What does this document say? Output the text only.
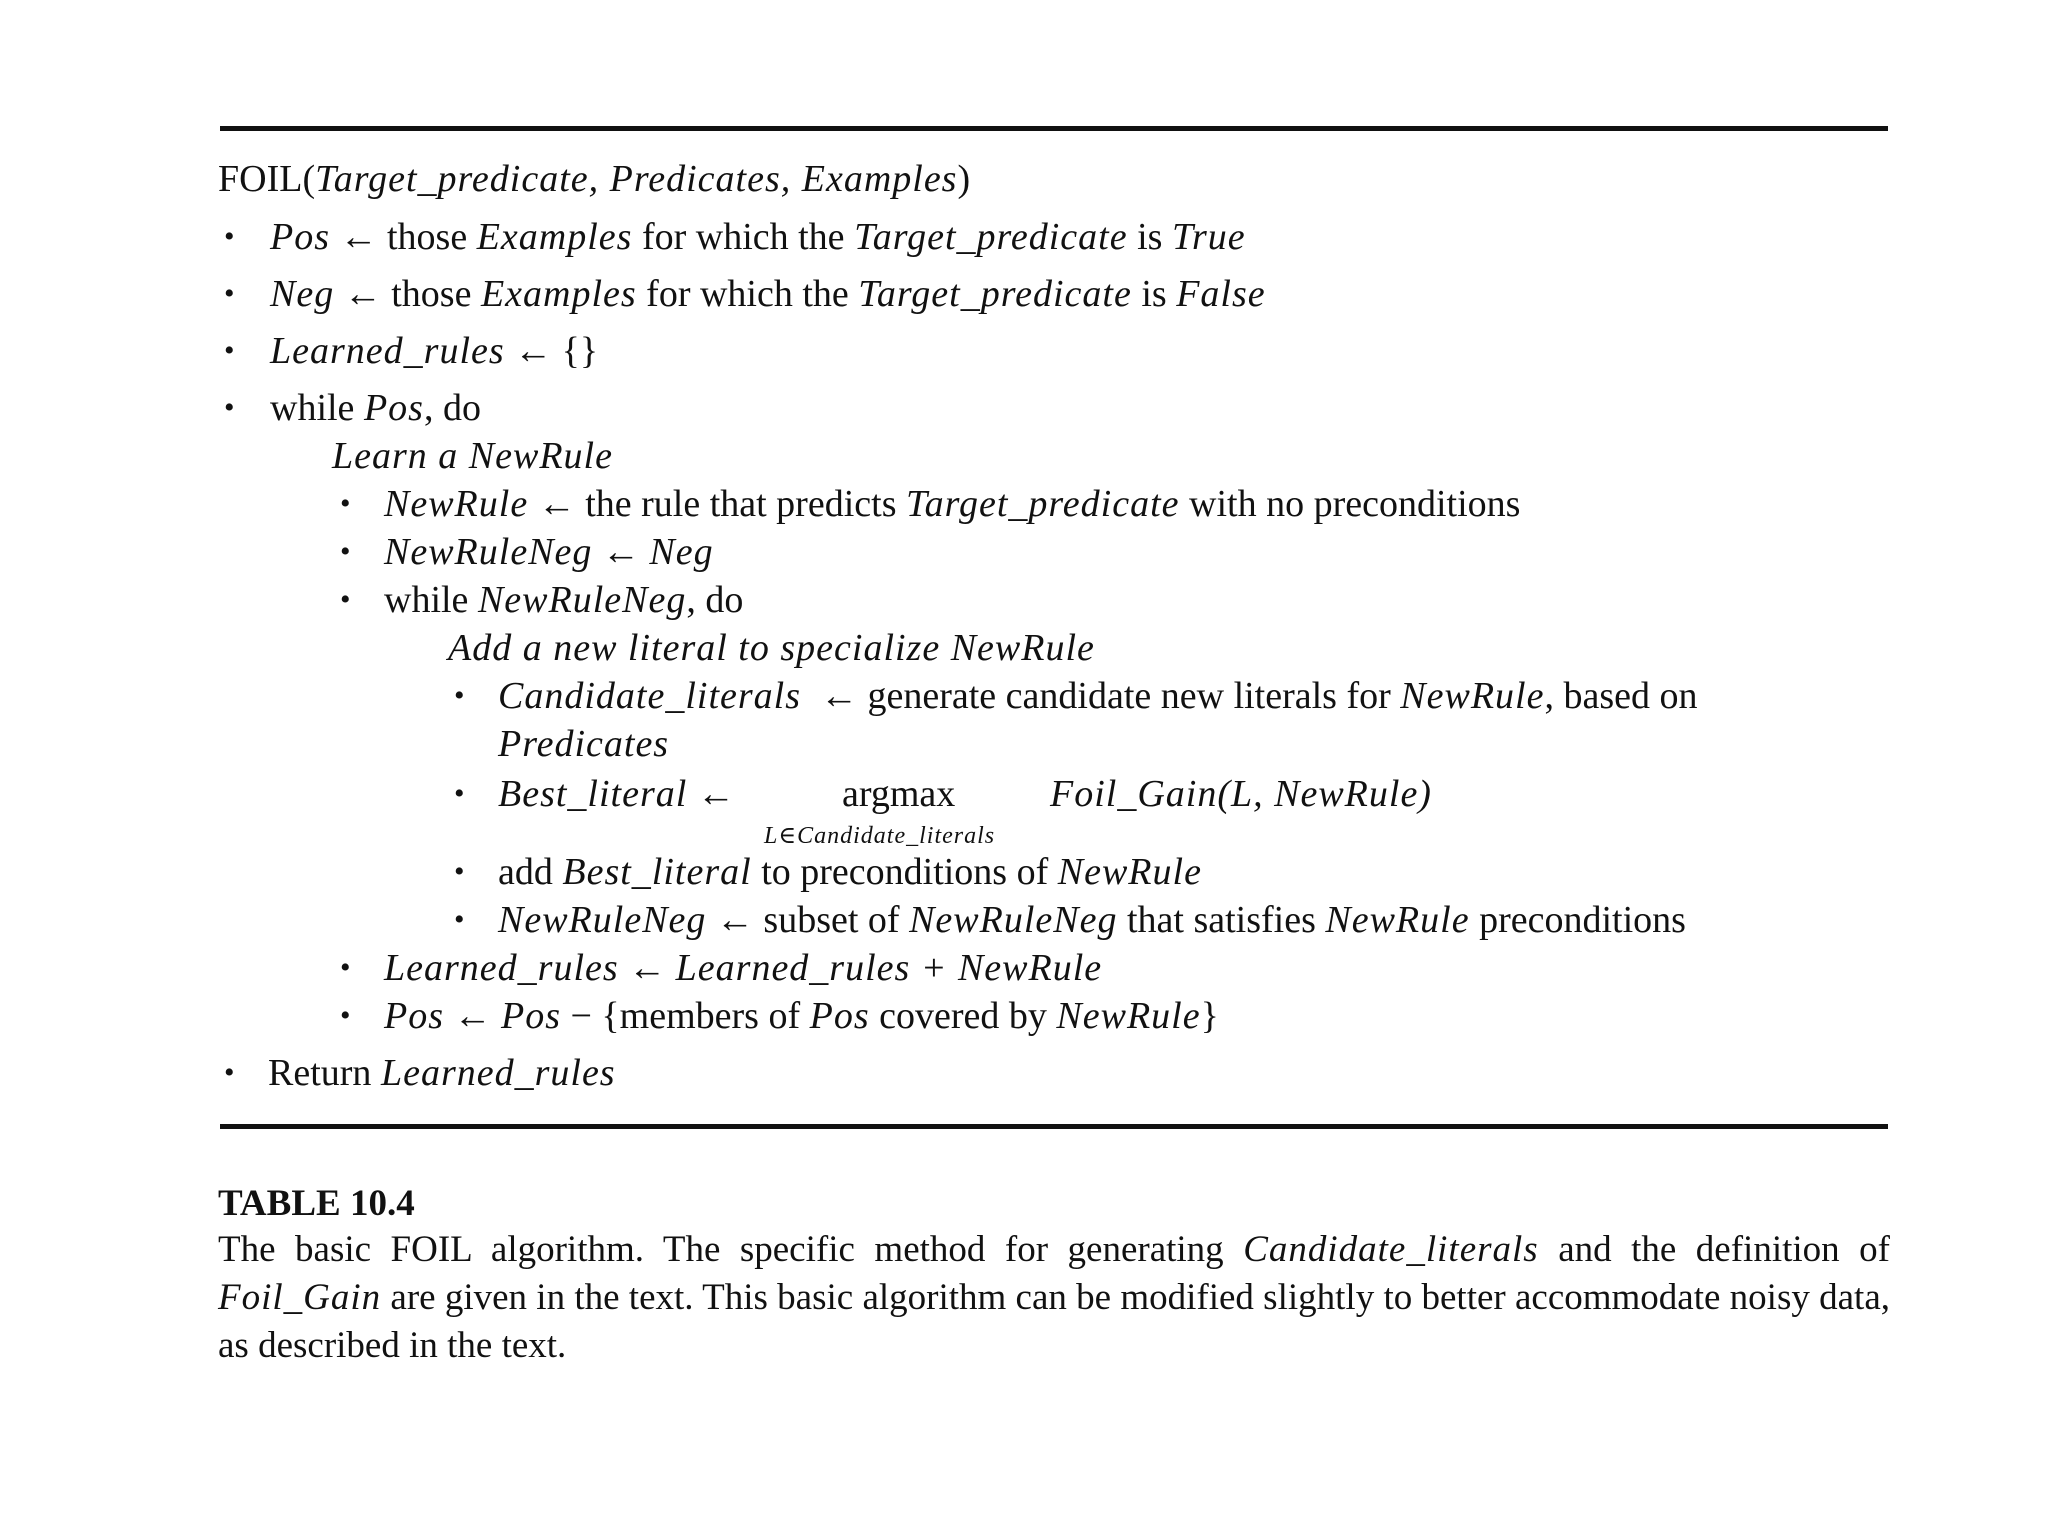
FOIL(Target_predicate, Predicates, Examples)
• Pos ← those Examples for which the Target_predicate is True
• Neg ← those Examples for which the Target_predicate is False
• Learned_rules ← {}
• while Pos, do
Learn a NewRule
• NewRule ← the rule that predicts Target_predicate with no preconditions
• NewRuleNeg ← Neg
• while NewRuleNeg, do
Add a new literal to specialize NewRule
• Candidate_literals ← generate candidate new literals for NewRule, based on
Predicates
• Best_literal ←	argmax Foil_Gain(L, NewRule)
L∈Candidate_literals
• add Best_literal to preconditions of NewRule
• NewRuleNeg ← subset of NewRuleNeg that satisfies NewRule preconditions
• Learned_rules ← Learned_rules + NewRule
• Pos ← Pos − {members of Pos covered by NewRule}
• Return Learned_rules
TABLE 10.4
The basic FOIL algorithm. The specific method for generating Candidate_literals and the definition of Foil_Gain are given in the text. This basic algorithm can be modified slightly to better accommodate noisy data, as described in the text.
